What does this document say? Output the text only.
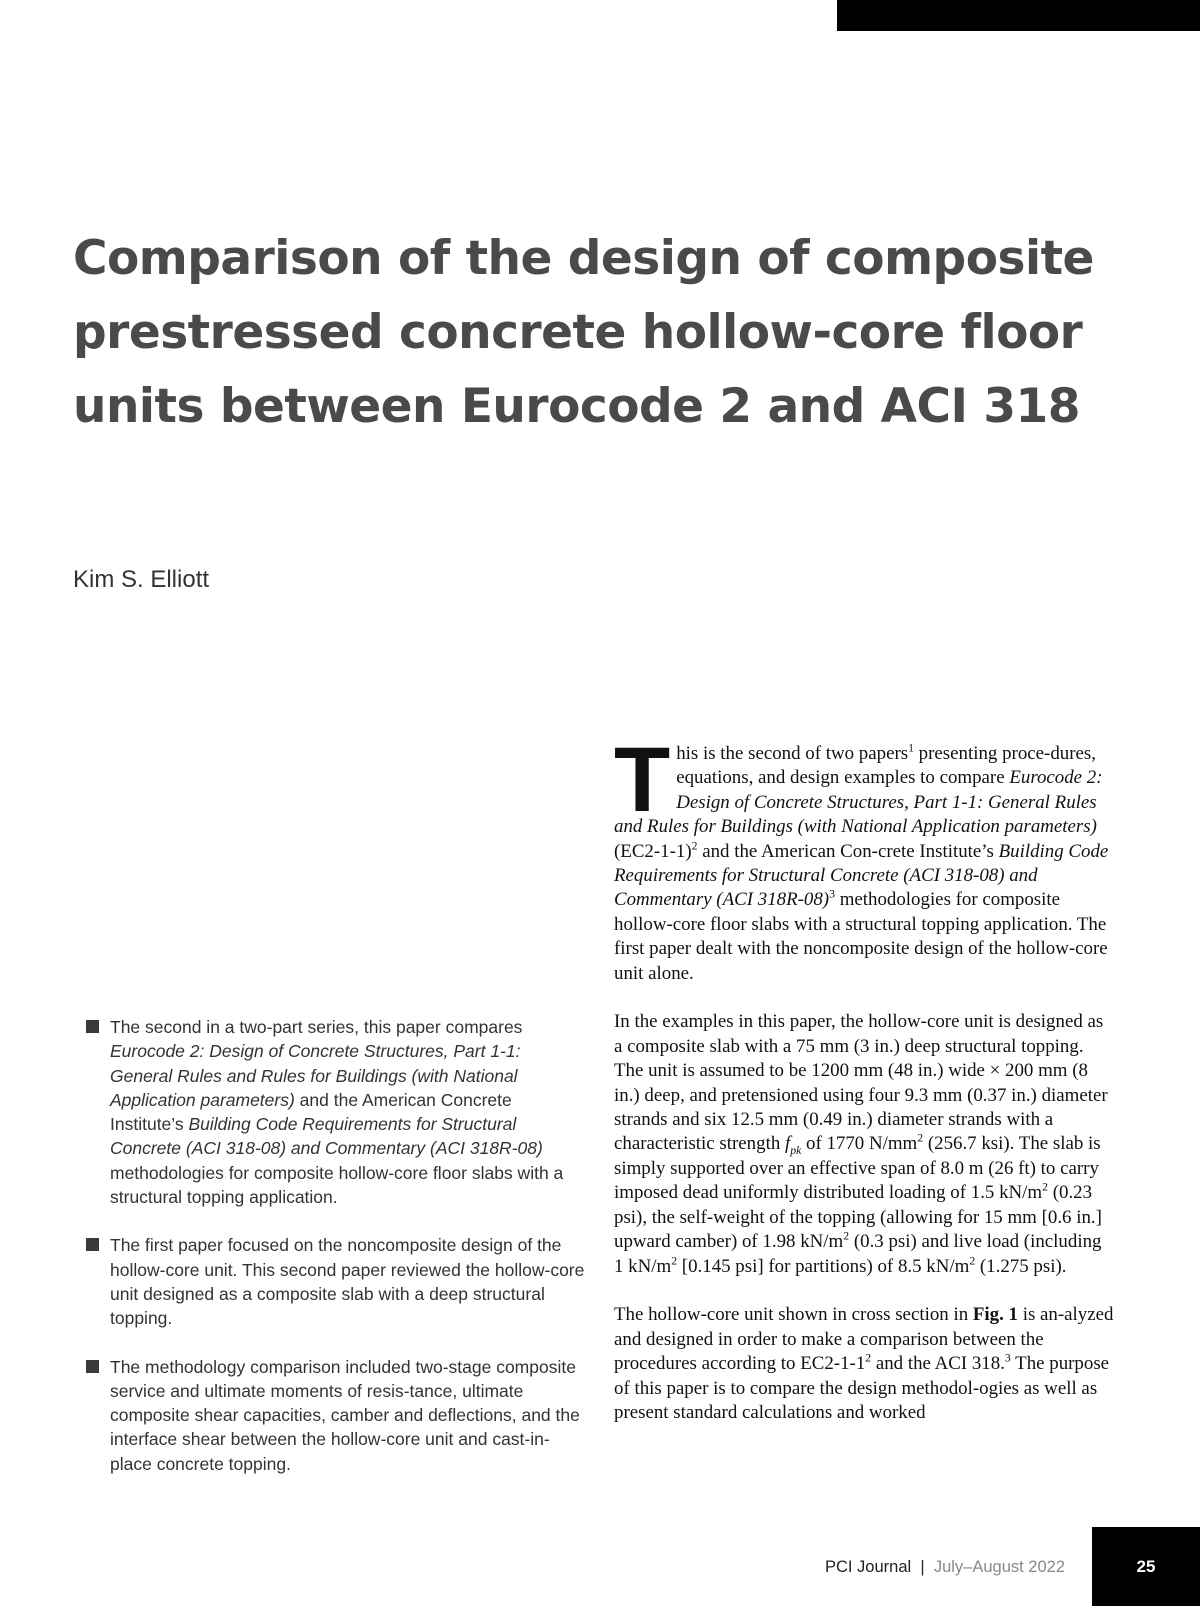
Comparison of the design of composite
prestressed concrete hollow-core floor
units between Eurocode 2 and ACI 318
Kim S. Elliott
The second in a two-part series, this paper compares Eurocode 2: Design of Concrete Structures, Part 1-1: General Rules and Rules for Buildings (with National Application parameters) and the American Concrete Institute’s Building Code Requirements for Structural Concrete (ACI 318-08) and Commentary (ACI 318R-08) methodologies for composite hollow-core floor slabs with a structural topping application.
The first paper focused on the noncomposite design of the hollow-core unit. This second paper reviewed the hollow-core unit designed as a composite slab with a deep structural topping.
The methodology comparison included two-stage composite service and ultimate moments of resis-tance, ultimate composite shear capacities, camber and deflections, and the interface shear between the hollow-core unit and cast-in-place concrete topping.

This is the second of two papers$^1$ presenting proce-dures, equations, and design examples to compare Eurocode 2: Design of Concrete Structures, Part 1-1: General Rules and Rules for Buildings (with National Application parameters) $(EC2-1-1)^2$ and the American Con-crete Institute’s Building Code Requirements for Structural Concrete (ACI 318-08) and Commentary (ACI 318R-08)$^3$ methodologies for composite hollow-core floor slabs with a structural topping application. The first paper dealt with the noncomposite design of the hollow-core unit alone.

In the examples in this paper, the hollow-core unit is designed as a composite slab with a 75 mm (3 in.) deep structural topping. The unit is assumed to be 1200 mm (48 in.) wide × 200 mm (8 in.) deep, and pretensioned using four 9.3 mm (0.37 in.) diameter strands and six 12.5 mm (0.49 in.) diameter strands with a characteristic strength $f_{pk}$ of 1770 $N/mm^2$ (256.7 ksi). The slab is simply supported over an effective span of 8.0 m (26 ft) to carry imposed dead uniformly distributed loading of 1.5 $kN/m^2$ (0.23 psi), the self-weight of the topping (allowing for 15 mm [0.6 in.] upward camber) of 1.98 $kN/m^2$ (0.3 psi) and live load (including 1 $kN/m^2$ [0.145 psi] for partitions) of 8.5 $kN/m^2$ (1.275 psi).

The hollow-core unit shown in cross section in Fig. 1 is an-alyzed and designed in order to make a comparison between the procedures according to $EC2-1-1^2$ and the ACI 318.$^3$ The purpose of this paper is to compare the design methodol-ogies as well as present standard calculations and worked

PCI Journal  |  July–August 2022	25
